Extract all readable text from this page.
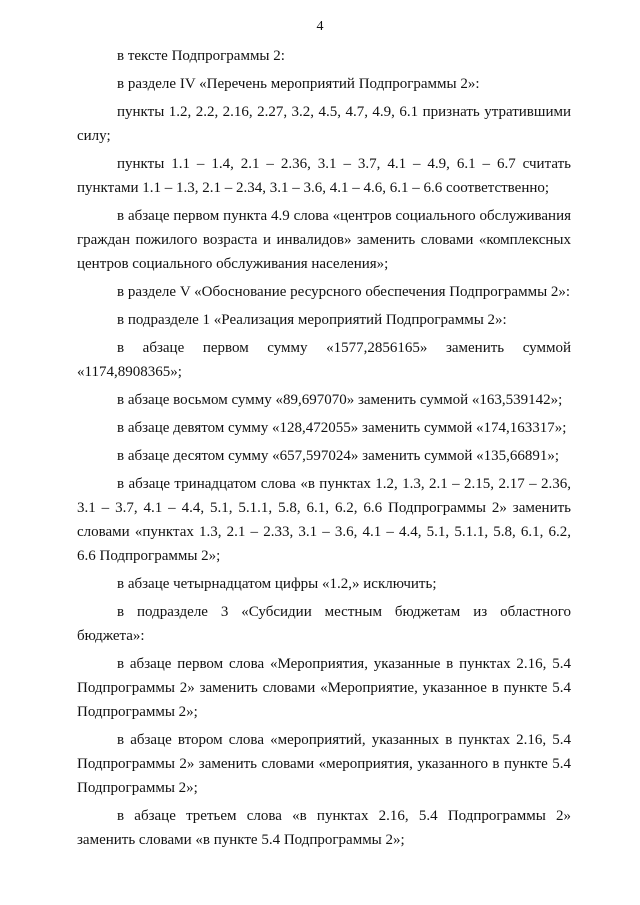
4

в тексте Подпрограммы 2:

в разделе IV «Перечень мероприятий Подпрограммы 2»:

пункты 1.2, 2.2, 2.16, 2.27, 3.2, 4.5, 4.7, 4.9, 6.1 признать утратившими силу;

пункты 1.1 – 1.4, 2.1 – 2.36, 3.1 – 3.7, 4.1 – 4.9, 6.1 – 6.7 считать пунктами 1.1 – 1.3, 2.1 – 2.34, 3.1 – 3.6, 4.1 – 4.6, 6.1 – 6.6 соответственно;

в абзаце первом пункта 4.9 слова «центров социального обслуживания граждан пожилого возраста и инвалидов» заменить словами «комплексных центров социального обслуживания населения»;

в разделе V «Обоснование ресурсного обеспечения Подпрограммы 2»:

в подразделе 1 «Реализация мероприятий Подпрограммы 2»:

в абзаце первом сумму «1577,2856165» заменить суммой «1174,8908365»;

в абзаце восьмом сумму «89,697070» заменить суммой «163,539142»;

в абзаце девятом сумму «128,472055» заменить суммой «174,163317»;

в абзаце десятом сумму «657,597024» заменить суммой «135,66891»;

в абзаце тринадцатом слова «в пунктах 1.2, 1.3, 2.1 – 2.15, 2.17 – 2.36, 3.1 – 3.7, 4.1 – 4.4, 5.1, 5.1.1, 5.8, 6.1, 6.2, 6.6 Подпрограммы 2» заменить словами «пунктах 1.3, 2.1 – 2.33, 3.1 – 3.6, 4.1 – 4.4, 5.1, 5.1.1, 5.8, 6.1, 6.2, 6.6 Подпрограммы 2»;

в абзаце четырнадцатом цифры «1.2,» исключить;

в подразделе 3 «Субсидии местным бюджетам из областного бюджета»:

в абзаце первом слова «Мероприятия, указанные в пунктах 2.16, 5.4 Подпрограммы 2» заменить словами «Мероприятие, указанное в пункте 5.4 Подпрограммы 2»;

в абзаце втором слова «мероприятий, указанных в пунктах 2.16, 5.4 Подпрограммы 2» заменить словами «мероприятия, указанного в пункте 5.4 Подпрограммы 2»;

в абзаце третьем слова «в пунктах 2.16, 5.4 Подпрограммы 2» заменить словами «в пункте 5.4 Подпрограммы 2»;
